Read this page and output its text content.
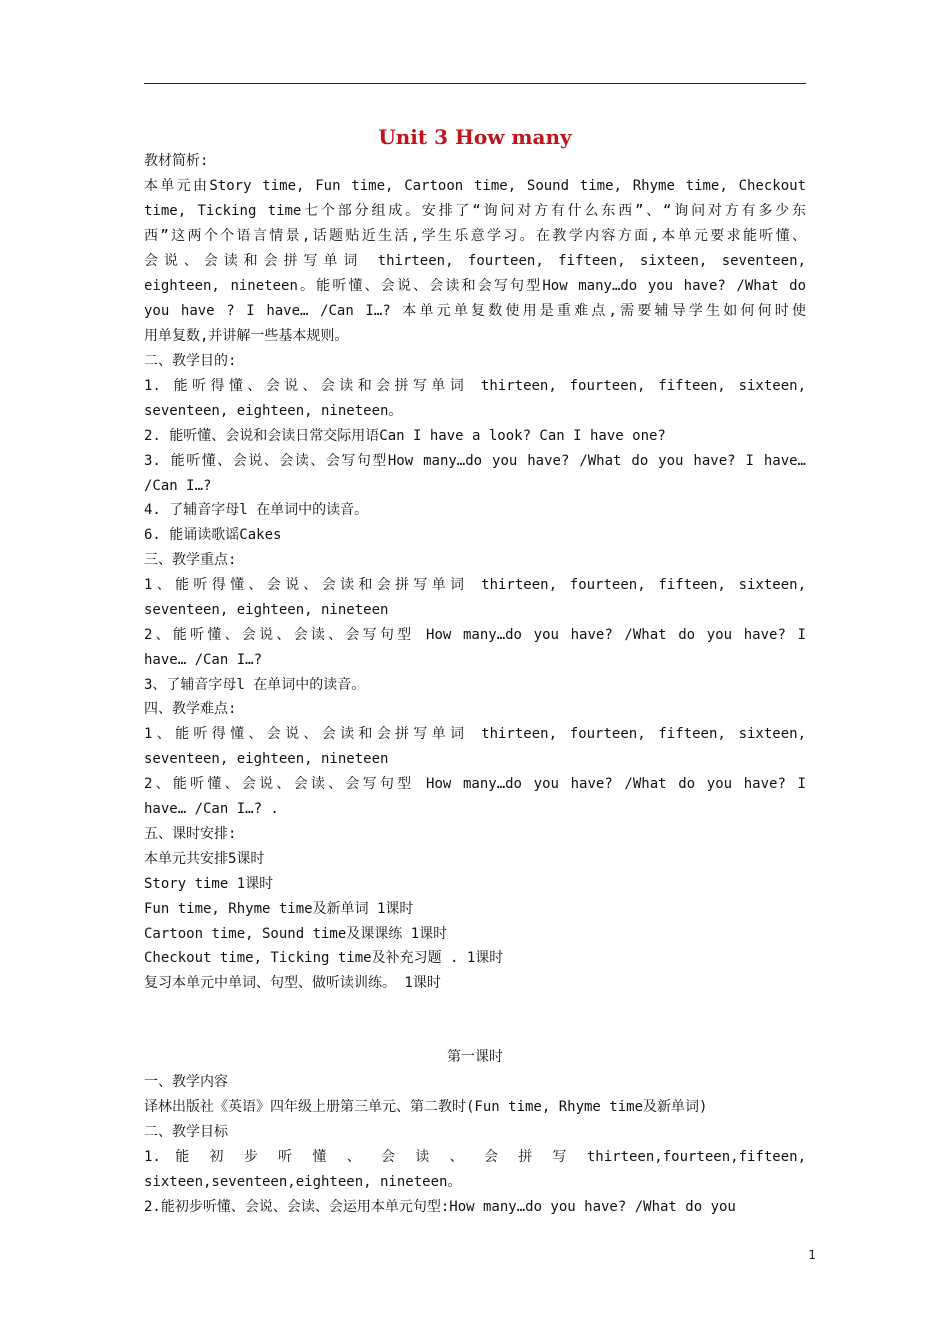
Unit 3 How many
教材简析:
本单元由Story time, Fun time, Cartoon time, Sound time, Rhyme time, Checkout
time, Ticking time七个部分组成。安排了“询问对方有什么东西”、“询问对方有多少东
西”这两个个语言情景,话题贴近生活,学生乐意学习。在教学内容方面,本单元要求能听懂、
会说、会读和会拼写单词 thirteen, fourteen, fifteen, sixteen, seventeen,
eighteen, nineteen。能听懂、会说、会读和会写句型How many…do you have? /What do
you have ? I have… /Can I…? 本单元单复数使用是重难点,需要辅导学生如何何时使
用单复数,并讲解一些基本规则。
二、教学目的:
1. 能听得懂、会说、会读和会拼写单词 thirteen, fourteen, fifteen, sixteen,
seventeen, eighteen, nineteen。
2. 能听懂、会说和会读日常交际用语Can I have a look? Can I have one?
3. 能听懂、会说、会读、会写句型How many…do you have? /What do you have? I have…
/Can I…?
4. 了辅音字母l 在单词中的读音。
6. 能诵读歌谣Cakes
三、教学重点:
1、能听得懂、会说、会读和会拼写单词 thirteen, fourteen, fifteen, sixteen,
seventeen, eighteen, nineteen
2、能听懂、会说、会读、会写句型 How many…do you have? /What do you have? I
have… /Can I…?
3、了辅音字母l 在单词中的读音。
四、教学难点:
1、能听得懂、会说、会读和会拼写单词 thirteen, fourteen, fifteen, sixteen,
seventeen, eighteen, nineteen
2、能听懂、会说、会读、会写句型 How many…do you have? /What do you have? I
have… /Can I…? .
五、课时安排:
本单元共安排5课时
Story time 1课时
Fun time, Rhyme time及新单词 1课时
Cartoon time, Sound time及课课练 1课时
Checkout time, Ticking time及补充习题 . 1课时
复习本单元中单词、句型、做听读训练。 1课时
第一课时
一、教学内容
译林出版社《英语》四年级上册第三单元、第二教时(Fun time, Rhyme time及新单词)
二、教学目标
1. 能 初 步 听 懂 、 会 读 、 会 拼 写 thirteen,fourteen,fifteen,
sixteen,seventeen,eighteen, nineteen。
2.能初步听懂、会说、会读、会运用本单元句型:How many…do you have? /What do you
1
